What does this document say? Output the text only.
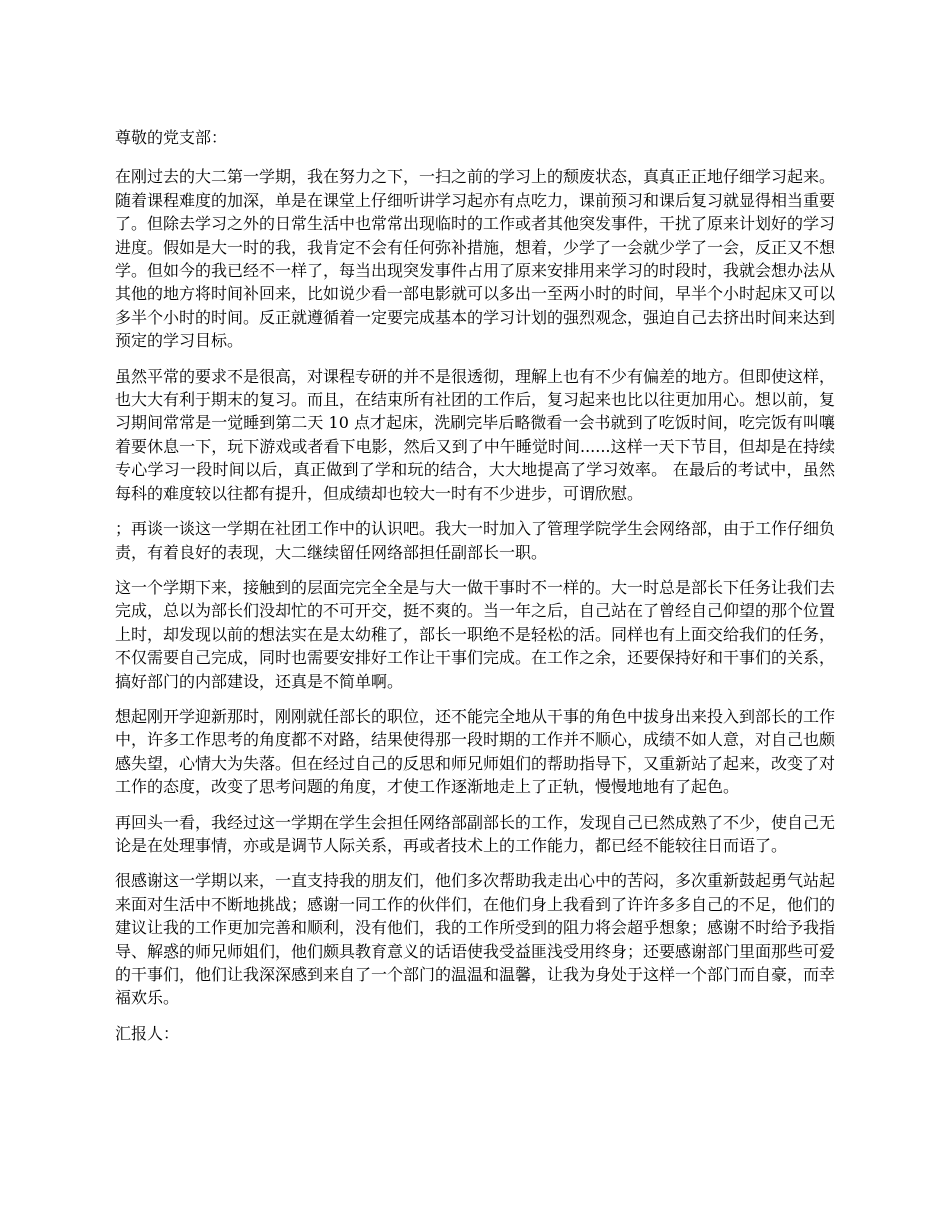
尊敬的党支部：

在刚过去的大二第一学期，我在努力之下，一扫之前的学习上的颓废状态，真真正正地仔细学习起来。随着课程难度的加深，单是在课堂上仔细听讲学习起亦有点吃力，课前预习和课后复习就显得相当重要了。但除去学习之外的日常生活中也常常出现临时的工作或者其他突发事件，干扰了原来计划好的学习进度。假如是大一时的我，我肯定不会有任何弥补措施，想着，少学了一会就少学了一会，反正又不想学。但如今的我已经不一样了，每当出现突发事件占用了原来安排用来学习的时段时，我就会想办法从其他的地方将时间补回来，比如说少看一部电影就可以多出一至两小时的时间，早半个小时起床又可以多半个小时的时间。反正就遵循着一定要完成基本的学习计划的强烈观念，强迫自己去挤出时间来达到预定的学习目标。

虽然平常的要求不是很高，对课程专研的并不是很透彻，理解上也有不少有偏差的地方。但即使这样，也大大有利于期末的复习。而且，在结束所有社团的工作后，复习起来也比以往更加用心。想以前，复习期间常常是一觉睡到第二天 10 点才起床，洗刷完毕后略微看一会书就到了吃饭时间，吃完饭有叫嚷着要休息一下，玩下游戏或者看下电影，然后又到了中午睡觉时间......这样一天下节目，但却是在持续专心学习一段时间以后，真正做到了学和玩的结合，大大地提高了学习效率。 在最后的考试中，虽然每科的难度较以往都有提升，但成绩却也较大一时有不少进步，可谓欣慰。

；再谈一谈这一学期在社团工作中的认识吧。我大一时加入了管理学院学生会网络部，由于工作仔细负责，有着良好的表现，大二继续留任网络部担任副部长一职。

这一个学期下来，接触到的层面完完全全是与大一做干事时不一样的。大一时总是部长下任务让我们去完成，总以为部长们没却忙的不可开交，挺不爽的。当一年之后，自己站在了曾经自己仰望的那个位置上时，却发现以前的想法实在是太幼稚了，部长一职绝不是轻松的活。同样也有上面交给我们的任务，不仅需要自己完成，同时也需要安排好工作让干事们完成。在工作之余，还要保持好和干事们的关系，搞好部门的内部建设，还真是不简单啊。

想起刚开学迎新那时，刚刚就任部长的职位，还不能完全地从干事的角色中拔身出来投入到部长的工作中，许多工作思考的角度都不对路，结果使得那一段时期的工作并不顺心，成绩不如人意，对自己也颇感失望，心情大为失落。但在经过自己的反思和师兄师姐们的帮助指导下，又重新站了起来，改变了对工作的态度，改变了思考问题的角度，才使工作逐渐地走上了正轨，慢慢地地有了起色。

再回头一看，我经过这一学期在学生会担任网络部副部长的工作，发现自己已然成熟了不少，使自己无论是在处理事情，亦或是调节人际关系，再或者技术上的工作能力，都已经不能较往日而语了。

很感谢这一学期以来，一直支持我的朋友们，他们多次帮助我走出心中的苦闷，多次重新鼓起勇气站起来面对生活中不断地挑战；感谢一同工作的伙伴们，在他们身上我看到了许许多多自己的不足，他们的建议让我的工作更加完善和顺利，没有他们，我的工作所受到的阻力将会超乎想象；感谢不时给予我指导、解惑的师兄师姐们，他们颇具教育意义的话语使我受益匪浅受用终身；还要感谢部门里面那些可爱的干事们，他们让我深深感到来自了一个部门的温温和温馨，让我为身处于这样一个部门而自豪，而幸福欢乐。

汇报人：
